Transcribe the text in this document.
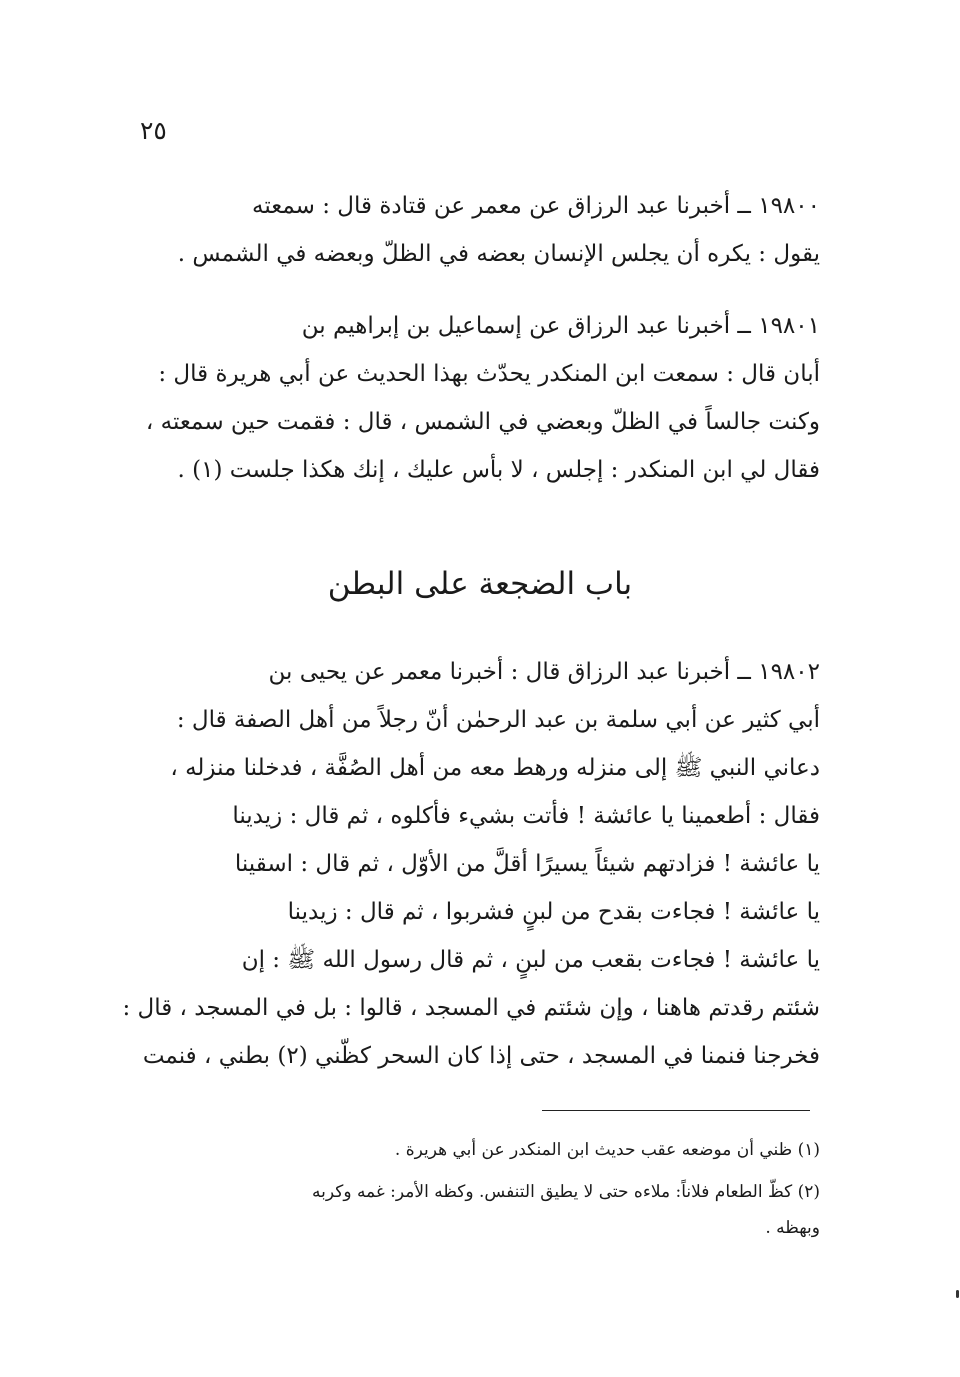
٢٥

١٩٨٠٠ ــ أخبرنا عبد الرزاق عن معمر عن قتادة قال : سمعته
يقول : يكره أن يجلس الإنسان بعضه في الظلّ وبعضه في الشمس .

١٩٨٠١ ــ أخبرنا عبد الرزاق عن إسماعيل بن إبراهيم بن
أبان قال : سمعت ابن المنكدر يحدّث بهذا الحديث عن أبي هريرة قال :
وكنت جالساً في الظلّ وبعضي في الشمس ، قال : فقمت حين سمعته ،
فقال لي ابن المنكدر : إجلس ، لا بأس عليك ، إنك هكذا جلست (١) .

باب الضجعة على البطن

١٩٨٠٢ ــ أخبرنا عبد الرزاق قال : أخبرنا معمر عن يحيى بن
أبي كثير عن أبي سلمة بن عبد الرحمٰن أنّ رجلاً من أهل الصفة قال :
دعاني النبي ﷺ إلى منزله ورهط معه من أهل الصُفَّة ، فدخلنا منزله ،
فقال : أطعمينا يا عائشة ! فأتت بشيء فأكلوه ، ثم قال : زيدينا
يا عائشة ! فزادتهم شيئاً يسيرًا أقلَّ من الأوّل ، ثم قال : اسقينا
يا عائشة ! فجاءت بقدح من لبنٍ فشربوا ، ثم قال : زيدينا
يا عائشة ! فجاءت بقعب من لبنٍ ، ثم قال رسول الله ﷺ : إن
شئتم رقدتم هاهنا ، وإن شئتم في المسجد ، قالوا : بل في المسجد ، قال :
فخرجنا فنمنا في المسجد ، حتى إذا كان السحر كظّني (٢) بطني ، فنمت

(١) ظني أن موضعه عقب حديث ابن المنكدر عن أبي هريرة .

(٢) كظّ الطعام فلاناً: ملاءه حتى لا يطيق التنفس. وكظه الأمر: غمه وكربه
وبهظه .
